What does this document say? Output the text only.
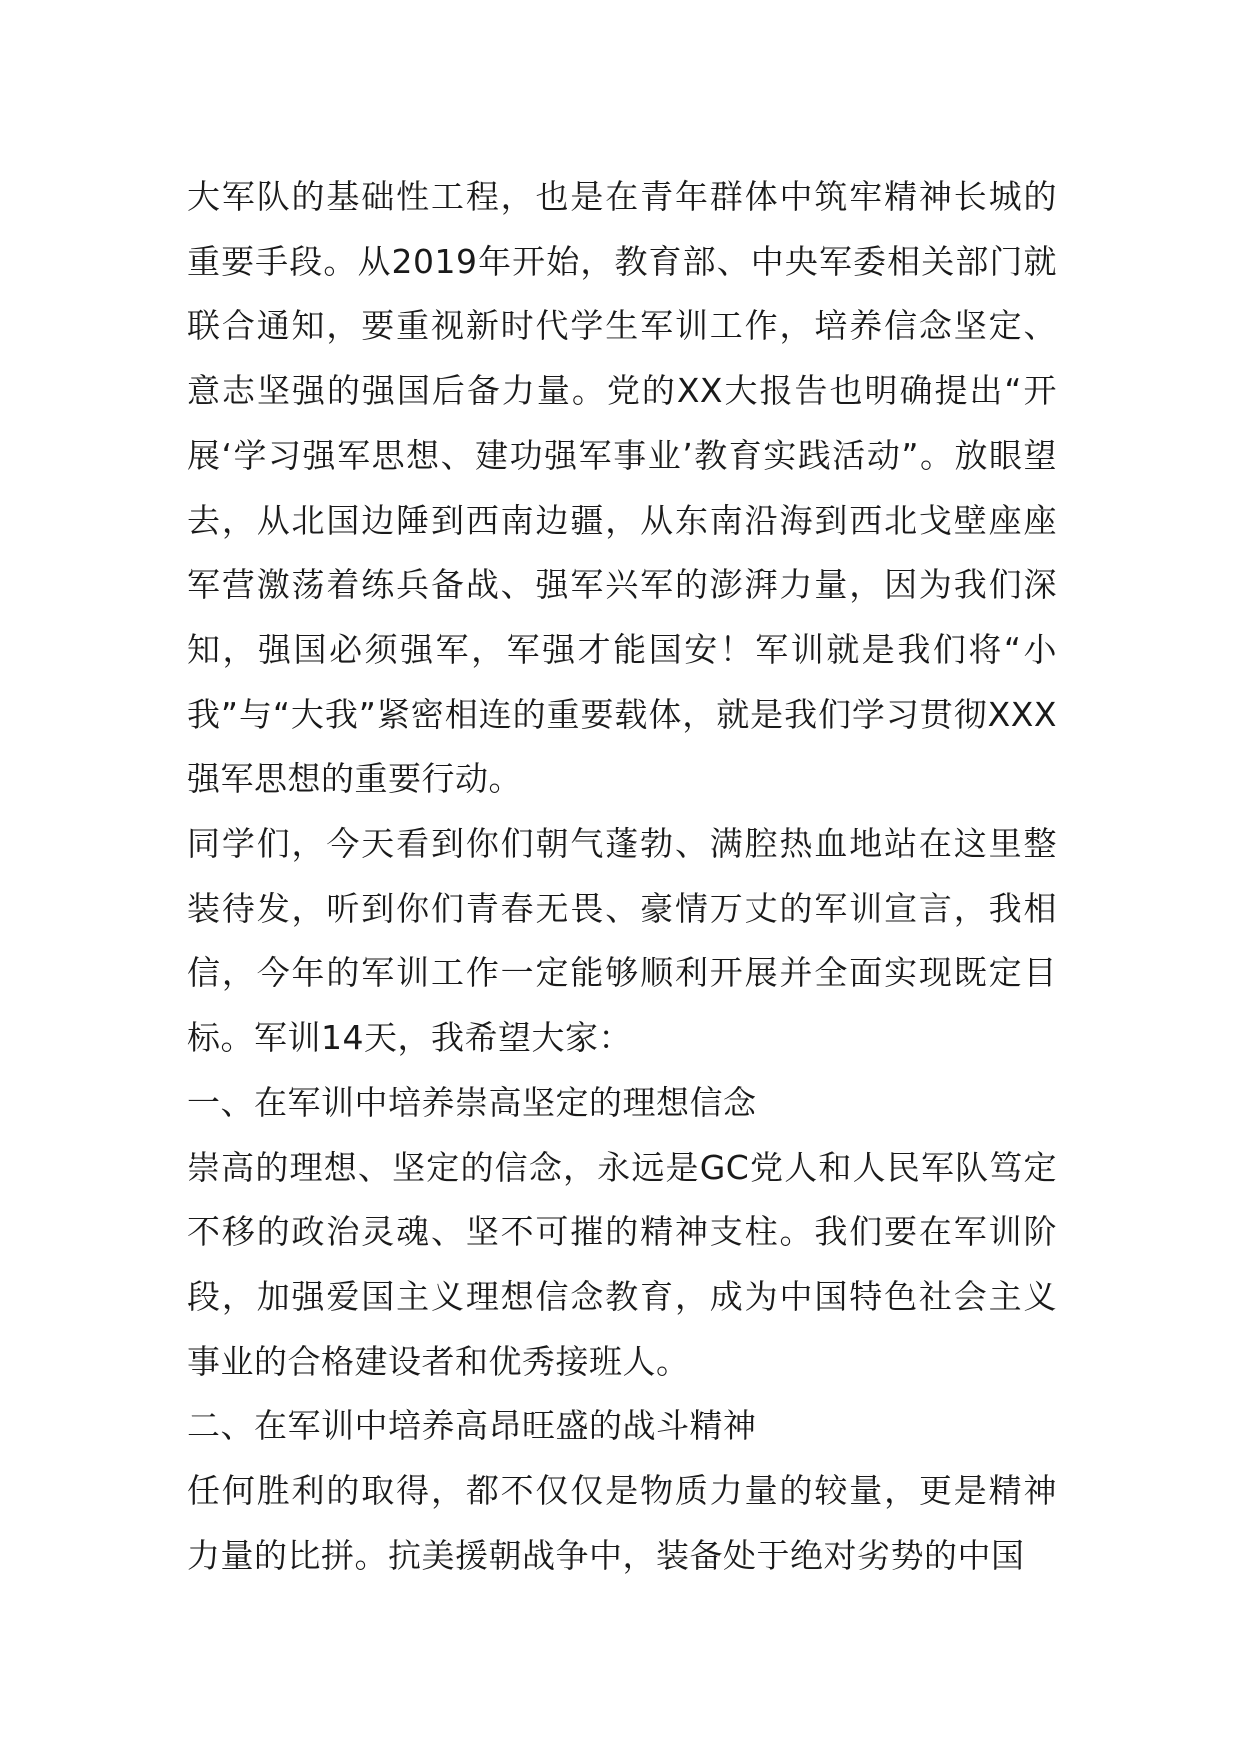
大军队的基础性工程，也是在青年群体中筑牢精神长城的重要手段。从2019年开始，教育部、中央军委相关部门就联合通知，要重视新时代学生军训工作，培养信念坚定、意志坚强的强国后备力量。党的XX大报告也明确提出“开展‘学习强军思想、建功强军事业’教育实践活动”。放眼望去，从北国边陲到西南边疆，从东南沿海到西北戈壁座座军营激荡着练兵备战、强军兴军的澎湃力量，因为我们深知，强国必须强军，军强才能国安！军训就是我们将“小我”与“大我”紧密相连的重要载体，就是我们学习贯彻XXX强军思想的重要行动。

同学们，今天看到你们朝气蓬勃、满腔热血地站在这里整装待发，听到你们青春无畏、豪情万丈的军训宣言，我相信，今年的军训工作一定能够顺利开展并全面实现既定目标。军训14天，我希望大家：

一、在军训中培养崇高坚定的理想信念

崇高的理想、坚定的信念，永远是GC党人和人民军队笃定不移的政治灵魂、坚不可摧的精神支柱。我们要在军训阶段，加强爱国主义理想信念教育，成为中国特色社会主义事业的合格建设者和优秀接班人。

二、在军训中培养高昂旺盛的战斗精神

任何胜利的取得，都不仅仅是物质力量的较量，更是精神力量的比拼。抗美援朝战争中，装备处于绝对劣势的中国
